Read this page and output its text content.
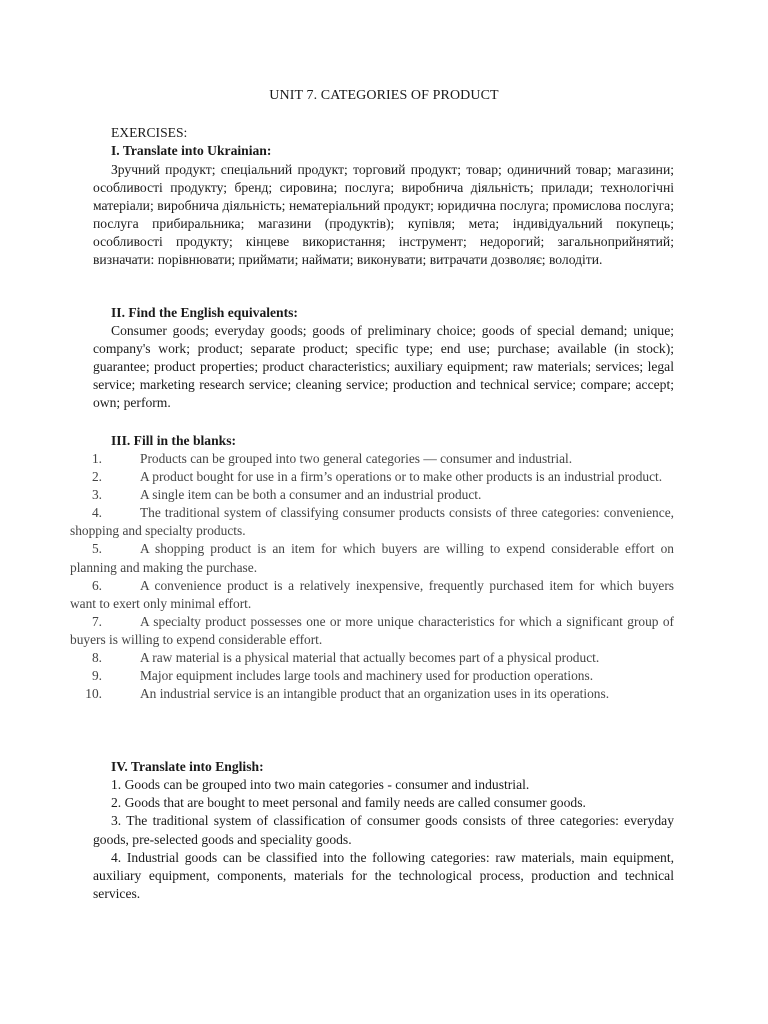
UNIT 7. CATEGORIES OF PRODUCT
EXERCISES:
I. Translate into Ukrainian:

Зручний продукт; спеціальний продукт; торговий продукт; товар; одиничний товар; магазини; особливості продукту; бренд; сировина; послуга; виробнича діяльність; прилади; технологічні матеріали; виробнича діяльність; нематеріальний продукт; юридична послуга; промислова послуга; послуга прибиральника; магазини (продуктів); купівля; мета; індивідуальний покупець; особливості продукту; кінцеве використання; інструмент; недорогий; загальноприйнятий; визначати: порівнювати; приймати; наймати; виконувати; витрачати дозволяє; володіти.

II. Find the English equivalents:

Consumer goods; everyday goods; goods of preliminary choice; goods of special demand; unique; company's work; product; separate product; specific type; end use; purchase; available (in stock); guarantee; product properties; product characteristics; auxiliary equipment; raw materials; services; legal service; marketing research service; cleaning service; production and technical service; compare; accept; own; perform.

III. Fill in the blanks:

1.	Products can be grouped into two general categories — consumer and industrial.

2.	A product bought for use in a firm’s operations or to make other products is an industrial product.

3.	A single item can be both a consumer and an industrial product.

4.	The traditional system of classifying consumer products consists of three categories: convenience, shopping and specialty products.

5.	A shopping product is an item for which buyers are willing to expend considerable effort on planning and making the purchase.

6.	A convenience product is a relatively inexpensive, frequently purchased item for which buyers want to exert only minimal effort.

7.	A specialty product possesses one or more unique characteristics for which a significant group of buyers is willing to expend considerable effort.

8.	A raw material is a physical material that actually becomes part of a physical product.

9.	Major equipment includes large tools and machinery used for production operations.

10.	An industrial service is an intangible product that an organization uses in its operations.

IV. Translate into English:

1. Goods can be grouped into two main categories - consumer and industrial.

2. Goods that are bought to meet personal and family needs are called consumer goods.

3. The traditional system of classification of consumer goods consists of three categories: everyday goods, pre-selected goods and speciality goods.

4. Industrial goods can be classified into the following categories: raw materials, main equipment, auxiliary equipment, components, materials for the technological process, production and technical services.
